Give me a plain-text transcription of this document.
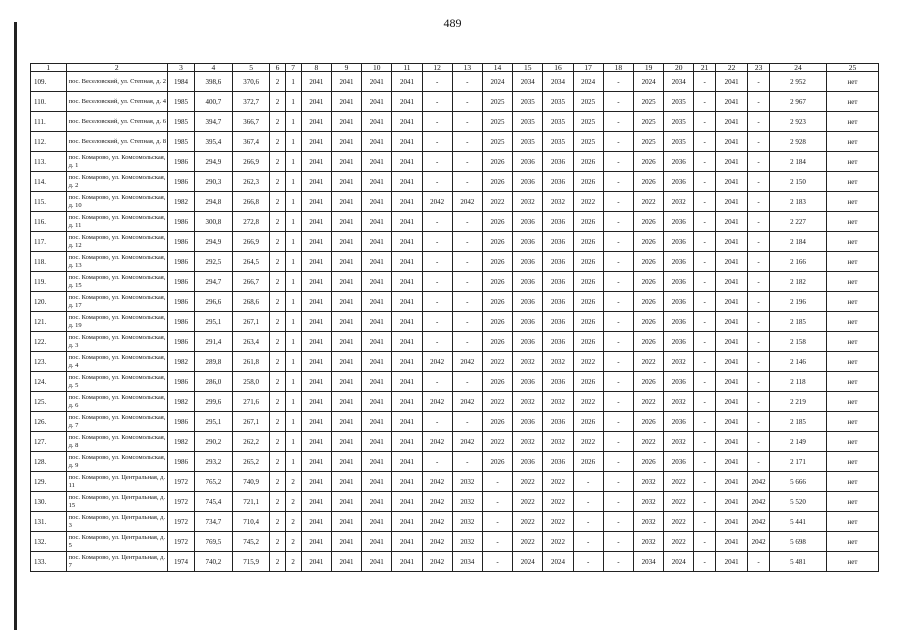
489
1	2	3	4	5	6	7	8	9	10	11	12	13	14	15	16	17	18	19	20	21	22	23	24	25
109.	пос. Веселовский, ул. Степная, д. 2	1984	398,6	370,6	2	1	2041	2041	2041	2041	-	-	2024	2034	2034	2024	-	2024	2034	-	2041	-	2 952	нет
110.	пос. Веселовский, ул. Степная, д. 4	1985	400,7	372,7	2	1	2041	2041	2041	2041	-	-	2025	2035	2035	2025	-	2025	2035	-	2041	-	2 967	нет
111.	пос. Веселовский, ул. Степная, д. 6	1985	394,7	366,7	2	1	2041	2041	2041	2041	-	-	2025	2035	2035	2025	-	2025	2035	-	2041	-	2 923	нет
112.	пос. Веселовский, ул. Степная, д. 8	1985	395,4	367,4	2	1	2041	2041	2041	2041	-	-	2025	2035	2035	2025	-	2025	2035	-	2041	-	2 928	нет
113.	пос. Комарово, ул. Комсомольская, д. 1	1986	294,9	266,9	2	1	2041	2041	2041	2041	-	-	2026	2036	2036	2026	-	2026	2036	-	2041	-	2 184	нет
114.	пос. Комарово, ул. Комсомольская, д. 2	1986	290,3	262,3	2	1	2041	2041	2041	2041	-	-	2026	2036	2036	2026	-	2026	2036	-	2041	-	2 150	нет
115.	пос. Комарово, ул. Комсомольская, д. 10	1982	294,8	266,8	2	1	2041	2041	2041	2041	2042	2042	2022	2032	2032	2022	-	2022	2032	-	2041	-	2 183	нет
116.	пос. Комарово, ул. Комсомольская, д. 11	1986	300,8	272,8	2	1	2041	2041	2041	2041	-	-	2026	2036	2036	2026	-	2026	2036	-	2041	-	2 227	нет
117.	пос. Комарово, ул. Комсомольская, д. 12	1986	294,9	266,9	2	1	2041	2041	2041	2041	-	-	2026	2036	2036	2026	-	2026	2036	-	2041	-	2 184	нет
118.	пос. Комарово, ул. Комсомольская, д. 13	1986	292,5	264,5	2	1	2041	2041	2041	2041	-	-	2026	2036	2036	2026	-	2026	2036	-	2041	-	2 166	нет
119.	пос. Комарово, ул. Комсомольская, д. 15	1986	294,7	266,7	2	1	2041	2041	2041	2041	-	-	2026	2036	2036	2026	-	2026	2036	-	2041	-	2 182	нет
120.	пос. Комарово, ул. Комсомольская, д. 17	1986	296,6	268,6	2	1	2041	2041	2041	2041	-	-	2026	2036	2036	2026	-	2026	2036	-	2041	-	2 196	нет
121.	пос. Комарово, ул. Комсомольская, д. 19	1986	295,1	267,1	2	1	2041	2041	2041	2041	-	-	2026	2036	2036	2026	-	2026	2036	-	2041	-	2 185	нет
122.	пос. Комарово, ул. Комсомольская, д. 3	1986	291,4	263,4	2	1	2041	2041	2041	2041	-	-	2026	2036	2036	2026	-	2026	2036	-	2041	-	2 158	нет
123.	пос. Комарово, ул. Комсомольская, д. 4	1982	289,8	261,8	2	1	2041	2041	2041	2041	2042	2042	2022	2032	2032	2022	-	2022	2032	-	2041	-	2 146	нет
124.	пос. Комарово, ул. Комсомольская, д. 5	1986	286,0	258,0	2	1	2041	2041	2041	2041	-	-	2026	2036	2036	2026	-	2026	2036	-	2041	-	2 118	нет
125.	пос. Комарово, ул. Комсомольская, д. 6	1982	299,6	271,6	2	1	2041	2041	2041	2041	2042	2042	2022	2032	2032	2022	-	2022	2032	-	2041	-	2 219	нет
126.	пос. Комарово, ул. Комсомольская, д. 7	1986	295,1	267,1	2	1	2041	2041	2041	2041	-	-	2026	2036	2036	2026	-	2026	2036	-	2041	-	2 185	нет
127.	пос. Комарово, ул. Комсомольская, д. 8	1982	290,2	262,2	2	1	2041	2041	2041	2041	2042	2042	2022	2032	2032	2022	-	2022	2032	-	2041	-	2 149	нет
128.	пос. Комарово, ул. Комсомольская, д. 9	1986	293,2	265,2	2	1	2041	2041	2041	2041	-	-	2026	2036	2036	2026	-	2026	2036	-	2041	-	2 171	нет
129.	пос. Комарово, ул. Центральная, д. 11	1972	765,2	740,9	2	2	2041	2041	2041	2041	2042	2032	-	2022	2022	-	-	2032	2022	-	2041	2042	5 666	нет
130.	пос. Комарово, ул. Центральная, д. 15	1972	745,4	721,1	2	2	2041	2041	2041	2041	2042	2032	-	2022	2022	-	-	2032	2022	-	2041	2042	5 520	нет
131.	пос. Комарово, ул. Центральная, д. 3	1972	734,7	710,4	2	2	2041	2041	2041	2041	2042	2032	-	2022	2022	-	-	2032	2022	-	2041	2042	5 441	нет
132.	пос. Комарово, ул. Центральная, д. 5	1972	769,5	745,2	2	2	2041	2041	2041	2041	2042	2032	-	2022	2022	-	-	2032	2022	-	2041	2042	5 698	нет
133.	пос. Комарово, ул. Центральная, д. 7	1974	740,2	715,9	2	2	2041	2041	2041	2041	2042	2034	-	2024	2024	-	-	2034	2024	-	2041	-	5 481	нет
